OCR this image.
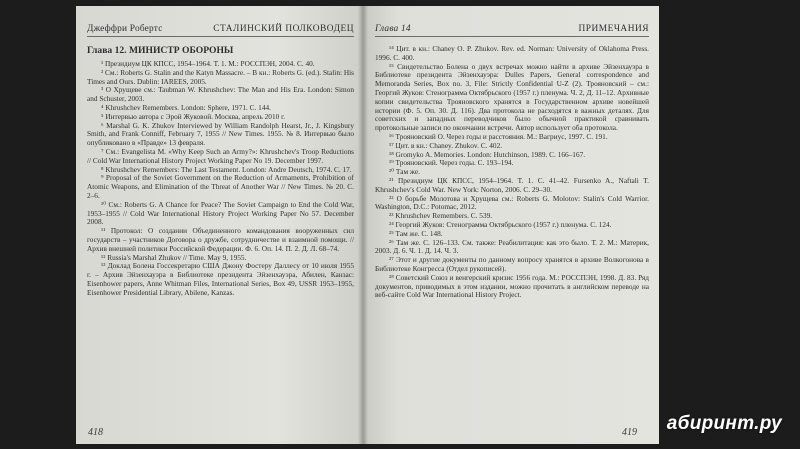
Джеффри Робертс	СТАЛИНСКИЙ ПОЛКОВОДЕЦ
Глава 12. МИНИСТР ОБОРОНЫ

¹ Президиум ЦК КПСС, 1954–1964. Т. 1. М.: РОССПЭН, 2004. С. 40.

² См.: Roberts G. Stalin and the Katyn Massacre. – В кн.: Roberts G. (ed.). Stalin: His Times and Ours. Dublin: IAREES, 2005.

³ О Хрущеве см.: Taubman W. Khrushchev: The Man and His Era. London: Simon and Schuster, 2003.

⁴ Khrushchev Remembers. London: Sphere, 1971. С. 144.

⁵ Интервью автора с Эрой Жуковой. Москва, апрель 2010 г.

⁶ Marshal G. K. Zhukov Interviewed by William Randolph Hearst, Jr., J. Kingsbury Smith, and Frank Conniff, February 7, 1955 // New Times. 1955. № 8. Интервью было опубликовано в «Правде» 13 февраля.

⁷ См.: Evangelista M. «Why Keep Such an Army?»: Khrushchev's Troop Reductions // Cold War International History Project Working Paper No 19. December 1997.

⁸ Khrushchev Remembers: The Last Testament. London: Andre Deutsch, 1974. С. 17.

⁹ Proposal of the Soviet Government on the Reduction of Armaments, Prohibition of Atomic Weapons, and Elimination of the Threat of Another War // New Times. № 20. С. 2–6.

¹⁰ См.: Roberts G. A Chance for Peace? The Soviet Campaign to End the Cold War, 1953–1955 // Cold War International History Project Working Paper No 57. December 2008.

¹¹ Протокол: О создании Объединенного командования вооруженных сил государств – участников Договора о дружбе, сотрудничестве и взаимной помощи. // Архив внешней политики Российской Федерации. Ф. 6. Оп. 14. П. 2. Д. Л. 68–74.

¹² Russia's Marshal Zhukov // Time. May 9, 1955.

¹³ Доклад Болена Госсекретарю США Джону Фостеру Даллесу от 10 июля 1955 г. – Архив Эйзенхауэра в Библиотеке президента Эйзенхауэра, Абилен, Канзас: Eisenhower papers, Anne Whitman Files, International Series, Box 49, USSR 1953–1955, Eisenhower Presidential Library, Abilene, Kanzas.

418
Глава 14	ПРИМЕЧАНИЯ

¹⁴ Цит. в кн.: Chaney O. P. Zhukov. Rev. ed. Norman: University of Oklahoma Press. 1996. С. 400.

¹⁵ Свидетельство Болена о двух встречах можно найти в архиве Эйзенхауэра в Библиотеке президента Эйзенхауэра: Dulles Papers, General correspondence and Memoranda Series, Box no. 3, File: Strictly Confidential U-Z (2). Трояновский – см.: Георгий Жуков: Стенограмма Октябрьского (1957 г.) пленума. Ч. 2, Д. 11–12. Архивные копии свидетельства Трояновского хранятся в Государственном архиве новейшей истории (Ф. 5. Оп. 30. Д. 116). Два протокола не расходятся в важных деталях. Для советских и западных переводчиков было обычной практикой сравнивать протокольные записи по окончании встречи. Автор использует оба протокола.

¹⁶ Трояновский О. Через годы и расстояния. М.: Вагриус, 1997. С. 191.

¹⁷ Цит. в кн.: Chaney. Zhukov. С. 402.

¹⁸ Gromyko A. Memories. London: Hutchinson, 1989. С. 166–167.

¹⁹ Трояновский. Через годы. С. 193–194.

²⁰ Там же.

²¹ Президиум ЦК КПСС, 1954–1964. Т. 1. С. 41–42. Fursenko A., Naftali T. Khrushchev's Cold War. New York: Norton, 2006. С. 29–30.

²² О борьбе Молотова и Хрущева см.: Roberts G. Molotov: Stalin's Cold Warrior. Washington, D.C.: Potomac, 2012.

²³ Khrushchev Remembers. С. 539.

²⁴ Георгий Жуков: Стенограмма Октябрьского (1957 г.) пленума. С. 124.

²⁵ Там же. С. 148.

²⁶ Там же. С. 126–133. См. также: Реабилитация: как это было. Т. 2. М.: Материк, 2003. Д. 6. Ч. 1. Д. 14. Ч. 3.

²⁷ Этот и другие документы по данному вопросу хранятся в архиве Волкогонова в Библиотеке Конгресса (Отдел рукописей).

²⁸ Советский Союз и венгерский кризис 1956 года. М.: РОССПЭН, 1998. Д. 83. Ряд документов, приводимых в этом издании, можно прочитать в английском переводе на веб-сайте Cold War International History Project.

419 абиринт.ру
